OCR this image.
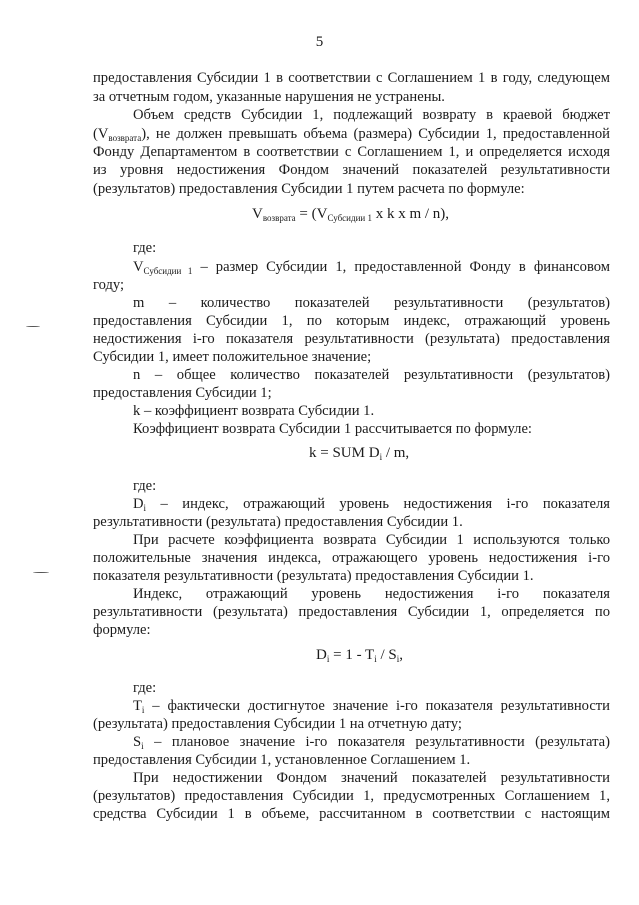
5
предоставления Субсидии 1 в соответствии с Соглашением 1 в году, следующем
за отчетным годом, указанные нарушения не устранены.
Объем средств Субсидии 1, подлежащий возврату в краевой бюджет
$(V_{возврата})$, не должен превышать объема (размера) Субсидии 1, предоставленной
Фонду Департаментом в соответствии с Соглашением 1, и определяется исходя
из уровня недостижения Фондом значений показателей результативности
(результатов) предоставления Субсидии 1 путем расчета по формуле:
$V_{возврата} = (V_{Субсидии 1}$ x k x m / n),
где:
$V_{Субсидии 1}$ – размер Субсидии 1, предоставленной Фонду в финансовом
году;
m – количество показателей результативности (результатов)
предоставления Субсидии 1, по которым индекс, отражающий уровень
недостижения i-го показателя результативности (результата) предоставления
Субсидии 1, имеет положительное значение;
n – общее количество показателей результативности (результатов)
предоставления Субсидии 1;
k – коэффициент возврата Субсидии 1.
Коэффициент возврата Субсидии 1 рассчитывается по формуле:
k = SUM $D_i$ / m,
где:
$D_i$ – индекс, отражающий уровень недостижения i-го показателя
результативности (результата) предоставления Субсидии 1.
При расчете коэффициента возврата Субсидии 1 используются только
положительные значения индекса, отражающего уровень недостижения i-го
показателя результативности (результата) предоставления Субсидии 1.
Индекс, отражающий уровень недостижения i-го показателя
результативности (результата) предоставления Субсидии 1, определяется по
формуле:
$D_i = 1 - T_i / S_i$,
где:
$T_i$ – фактически достигнутое значение i-го показателя результативности
(результата) предоставления Субсидии 1 на отчетную дату;
$S_i$ – плановое значение i-го показателя результативности (результата)
предоставления Субсидии 1, установленное Соглашением 1.
При недостижении Фондом значений показателей результативности
(результатов) предоставления Субсидии 1, предусмотренных Соглашением 1,
средства Субсидии 1 в объеме, рассчитанном в соответствии с настоящим
